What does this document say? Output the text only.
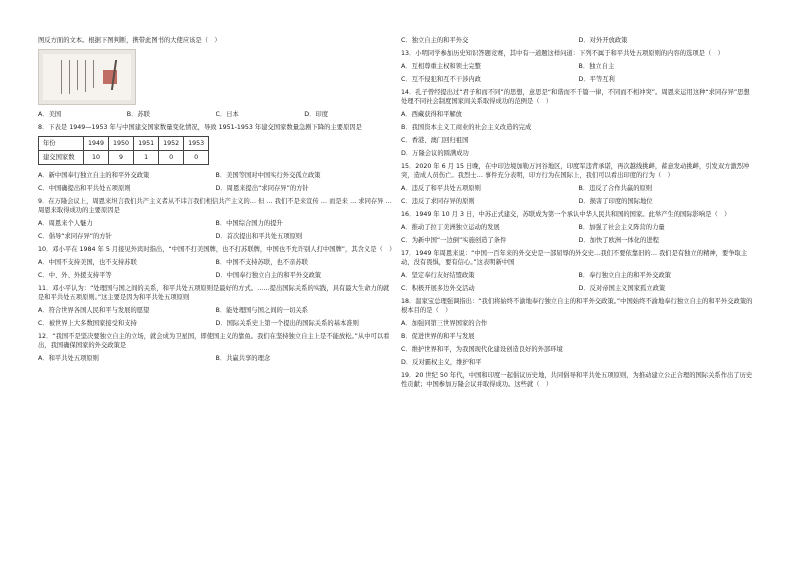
图反方面的文本。根据下图判断，携带此图书的大使应该是（　）

A．美国	B．苏联	C．日本	D．印度

8．下表是 1949—1953 年与中国建交国家数量变化情况，导致 1951-1953 年建交国家数量急剧下降的主要原因是

年份	1949	1950	1951	1952	1953
建交国家数	10	9	1	0	0
A．新中国奉行独立自主的和平外交政策	B．美国等国对中国实行外交孤立政策
C．中国确提出和平共处五项原则	D．周恩来提出“求同存异”的方针

9．在万隆会议上，周恩来坦言我们共产主义者从不讳言我们相信共产主义的… 但 … 我们不是来宣传 … 而是来 … 求同存异 … 周恩来取得成功的主要原因是

A．周恩来个人魅力	B．中国综合国力的提升
C．倡导“求同存异”的方针	D．首次提出和平共处五项原则

10．邓小平在 1984 年 5 月接见外宾时指出，“中国不打美国牌，也不打苏联牌，中国也不允许别人打中国牌”，其含义是（　）

A．中国不支持美国，也不支持苏联	B．中国不支持苏联，也不亲苏联
C．中、外、外援支持平等	D．中国奉行独立自主的和平外交政策

11．邓小平认为：“处理国与国之间的关系，和平共处五项原则是最好的方式。……提出国际关系的实践，具有最大生命力的就是和平共处五项原则。”这主要是因为和平共处五项原则

A．符合世界各国人民和平与发展的愿望	B．能处理国与国之间的一切关系
C．被世界上大多数国家接受和支持	D．国际关系史上第一个提出的国际关系的基本准则

12．“我国不是坚决要独立自主的立场，就会成为卫星国，即使国主义的靠鱼。我们在坚持独立自主上是不能放松。”从中可以看出，我国确保国家的外交政策是

A．和平共处五项原则	B．共赢共享的理念
C．独立自主的和平外交	D．对外开放政策

13．小明同学参加历史知识答题竞赛，其中有一道题这样问道：下列不属于和平共处五项原则的内容的选项是（　）

A．互相尊重主权和领土完整	B．独立自主
C．互不侵犯和互不干涉内政	D．平等互利

14．孔子曾经提出过“君子和而不同”的思想，意思是“和谐而不千篇一律，不同而不相冲突”。周恩来运用这种“求同存异”思想处理不同社会制度国家间关系取得成功的范例是（　）

A．西藏获得和平解放

B．我国资本主义工商业的社会主义改造的完成

C．香港、澳门回归祖国

D．万隆会议的圆满成功

15．2020 年 6 月 15 日晚，在中印边境加勒万河谷地区，印度军违背承诺，再次越线挑衅，蓄意发动挑衅，引发双方激烈冲突，造成人员伤亡。我烈士… 事件充分表明，印方行为在国际上，我们可以看出印度的行为（　）

A．违反了和平共处五项原则	B．违反了合作共赢的原则
C．违反了求同存异的原则	D．损害了印度的国际地位

16．1949 年 10 月 3 日，中苏正式建交，苏联成为第一个承认中华人民共和国的国家。此举产生的国际影响是（　）

A．推动了拉丁美洲独立运动的发展	B．加强了社会主义阵营的力量
C．为新中国“一边倒”实施创造了条件	D．加快了欧洲一体化的进程

17．1949 年周恩来说：“中国一百年来的外交史是一部屈辱的外交史…我们不要依靠旧的… 我们是有独立的精神，要争取主动，没有畏惧，要有信心。”这表明新中国

A．坚定奉行友好结盟政策	B．奉行独立自主的和平外交政策
C．积极开展多边外交活动	D．反对帝国主义国家孤立政策

18．温家宝总理强调指出：“我们将始终不渝地奉行独立自主的和平外交政策。”中国始终不渝地奉行独立自主的和平外交政策的根本目的是（　）

A．加强同第三世界国家的合作

B．促进世界的和平与发展

C．维护世界和平，为我国现代化建设创造良好的外部环境

D．反对霸权主义，维护和平

19．20 世纪 50 年代，中国和印度一起倡议历史地，共同倡导和平共处五项原则，为推动建立公正合理的国际关系作出了历史性贡献；中国参加万隆会议并取得成功。这些就（　）
